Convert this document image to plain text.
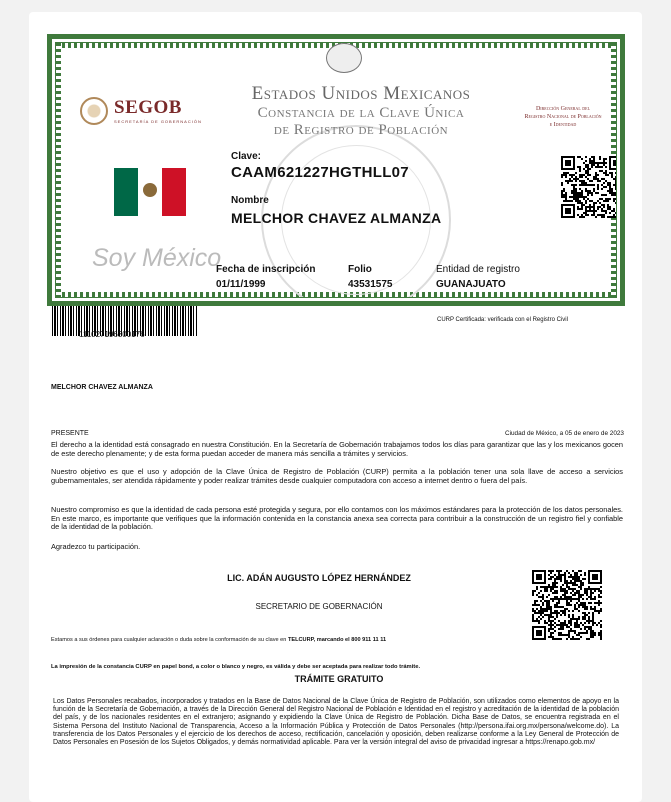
SEGOB
SECRETARÍA DE GOBERNACIÓN
Estados Unidos Mexicanos
Constancia de la Clave Única
de Registro de Población
Dirección General del
Registro Nacional de Población
e Identidad
Clave:
CAAM621227HGTHLL07
Nombre
MELCHOR CHAVEZ ALMANZA
Soy México
Fecha de inscripción
01/11/1999
Folio
43531575
Entidad de registro
GUANAJUATO
111027196300176
CURP Certificada: verificada con el Registro Civil
MELCHOR CHAVEZ ALMANZA
PRESENTE	Ciudad de México, a 05 de enero de 2023
El derecho a la identidad está consagrado en nuestra Constitución. En la Secretaría de Gobernación trabajamos todos los días para garantizar que las y los mexicanos gocen de este derecho plenamente; y de esta forma puedan acceder de manera más sencilla a trámites y servicios.
Nuestro objetivo es que el uso y adopción de la Clave Única de Registro de Población (CURP) permita a la población tener una sola llave de acceso a servicios gubernamentales, ser atendida rápidamente y poder realizar trámites desde cualquier computadora con acceso a internet dentro o fuera del país.
Nuestro compromiso es que la identidad de cada persona esté protegida y segura, por ello contamos con los máximos estándares para la protección de los datos personales. En este marco, es importante que verifiques que la información contenida en la constancia anexa sea correcta para contribuir a la construcción de un registro fiel y confiable de la identidad de la población.
Agradezco tu participación.
LIC. ADÁN AUGUSTO LÓPEZ HERNÁNDEZ
SECRETARIO DE GOBERNACIÓN
Estamos a sus órdenes para cualquier aclaración o duda sobre la conformación de su clave en TELCURP, marcando el 800 911 11 11
La impresión de la constancia CURP en papel bond, a color o blanco y negro, es válida y debe ser aceptada para realizar todo trámite.
TRÁMITE GRATUITO
Los Datos Personales recabados, incorporados y tratados en la Base de Datos Nacional de la Clave Única de Registro de Población, son utilizados como elementos de apoyo en la función de la Secretaría de Gobernación, a través de la Dirección General del Registro Nacional de Población e Identidad en el registro y acreditación de la identidad de la población del país, y de los nacionales residentes en el extranjero; asignando y expidiendo la Clave Única de Registro de Población. Dicha Base de Datos, se encuentra registrada en el Sistema Persona del Instituto Nacional de Transparencia, Acceso a la Información Pública y Protección de Datos Personales (http://persona.ifai.org.mx/persona/welcome.do). La transferencia de los Datos Personales y el ejercicio de los derechos de acceso, rectificación, cancelación y oposición, deben realizarse conforme a la Ley General de Protección de Datos Personales en Posesión de los Sujetos Obligados, y demás normatividad aplicable. Para ver la versión integral del aviso de privacidad ingresar a https://renapo.gob.mx/
